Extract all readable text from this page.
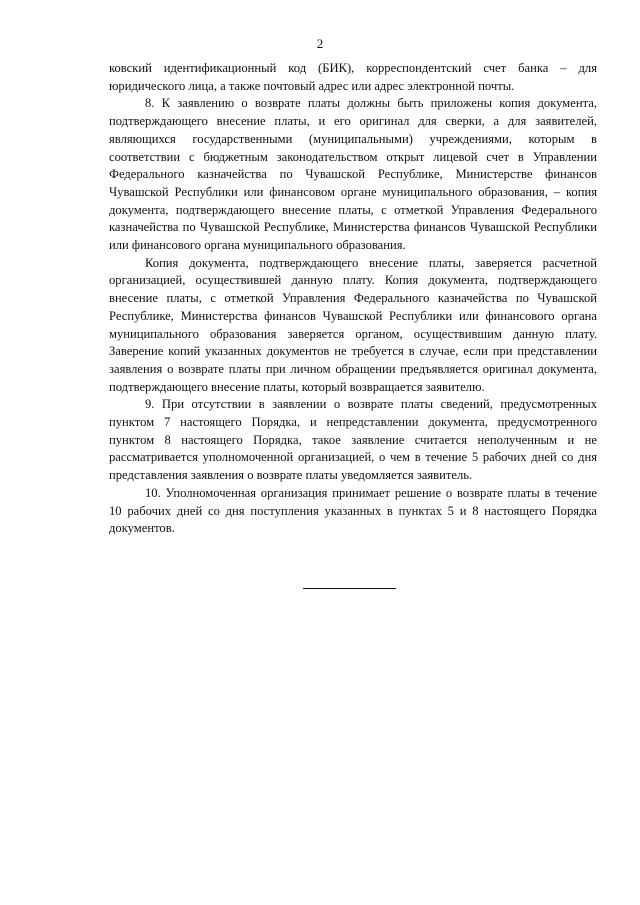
2

ковский идентификационный код (БИК), корреспондентский счет банка – для юридического лица, а также почтовый адрес или адрес электронной почты.

8. К заявлению о возврате платы должны быть приложены копия документа, подтверждающего внесение платы, и его оригинал для сверки, а для заявителей, являющихся государственными (муниципальными) учреждениями, которым в соответствии с бюджетным законодательством открыт лицевой счет в Управлении Федерального казначейства по Чувашской Республике, Министерстве финансов Чувашской Республики или финансовом органе муниципального образования, – копия документа, подтверждающего внесение платы, с отметкой Управления Федерального казначейства по Чувашской Республике, Министерства финансов Чувашской Республики или финансового органа муниципального образования.

Копия документа, подтверждающего внесение платы, заверяется расчетной организацией, осуществившей данную плату. Копия документа, подтверждающего внесение платы, с отметкой Управления Федерального казначейства по Чувашской Республике, Министерства финансов Чувашской Республики или финансового органа муниципального образования заверяется органом, осуществившим данную плату. Заверение копий указанных документов не требуется в случае, если при представлении заявления о возврате платы при личном обращении предъявляется оригинал документа, подтверждающего внесение платы, который возвращается заявителю.

9. При отсутствии в заявлении о возврате платы сведений, предусмотренных пунктом 7 настоящего Порядка, и непредставлении документа, предусмотренного пунктом 8 настоящего Порядка, такое заявление считается неполученным и не рассматривается уполномоченной организацией, о чем в течение 5 рабочих дней со дня представления заявления о возврате платы уведомляется заявитель.

10. Уполномоченная организация принимает решение о возврате платы в течение 10 рабочих дней со дня поступления указанных в пунктах 5 и 8 настоящего Порядка документов.
